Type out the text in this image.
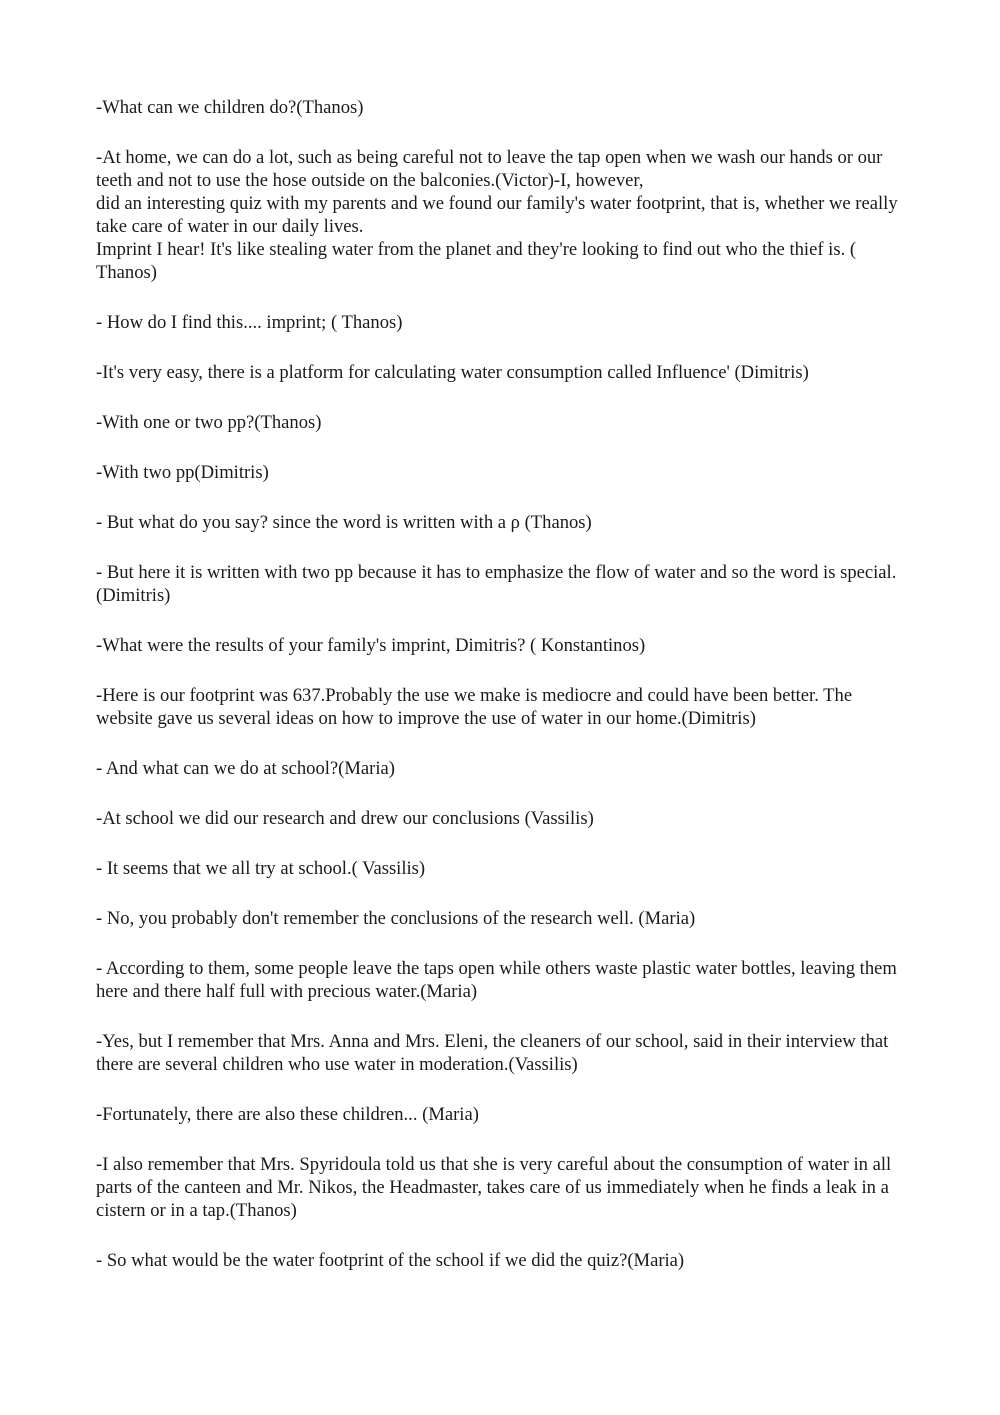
-What can we children do?(Thanos)

-At home, we can do a lot, such as being careful not to leave the tap open when we wash our hands or our teeth and not to use the hose outside on the balconies.(Victor)-I, however,
did an interesting quiz with my parents and we found our family's water footprint, that is, whether we really take care of water in our daily lives.
Imprint I hear! It's like stealing water from the planet and they're looking to find out who the thief is. ( Thanos)

- How do I find this.... imprint; ( Thanos)

-It's very easy, there is a platform for calculating water consumption called Influence' (Dimitris)

-With one or two pp?(Thanos)

-With two pp(Dimitris)

- But what do you say? since the word is written with a ρ (Thanos)

- But here it is written with two pp because it has to emphasize the flow of water and so the word is special.(Dimitris)

-What were the results of your family's imprint, Dimitris? ( Konstantinos)

-Here is our footprint was 637.Probably the use we make is mediocre and could have been better. The website gave us several ideas on how to improve the use of water in our home.(Dimitris)

- And what can we do at school?(Maria)

-At school we did our research and drew our conclusions (Vassilis)

- It seems that we all try at school.( Vassilis)

- No, you probably don't remember the conclusions of the research well. (Maria)

- According to them, some people leave the taps open while others waste plastic water bottles, leaving them here and there half full with precious water.(Maria)

-Yes, but I remember that Mrs. Anna and Mrs. Eleni, the cleaners of our school, said in their interview that there are several children who use water in moderation.(Vassilis)

-Fortunately, there are also these children... (Maria)

-I also remember that Mrs. Spyridoula told us that she is very careful about the consumption of water in all parts of the canteen and Mr. Nikos, the Headmaster, takes care of us immediately when he finds a leak in a cistern or in a tap.(Thanos)

- So what would be the water footprint of the school if we did the quiz?(Maria)
